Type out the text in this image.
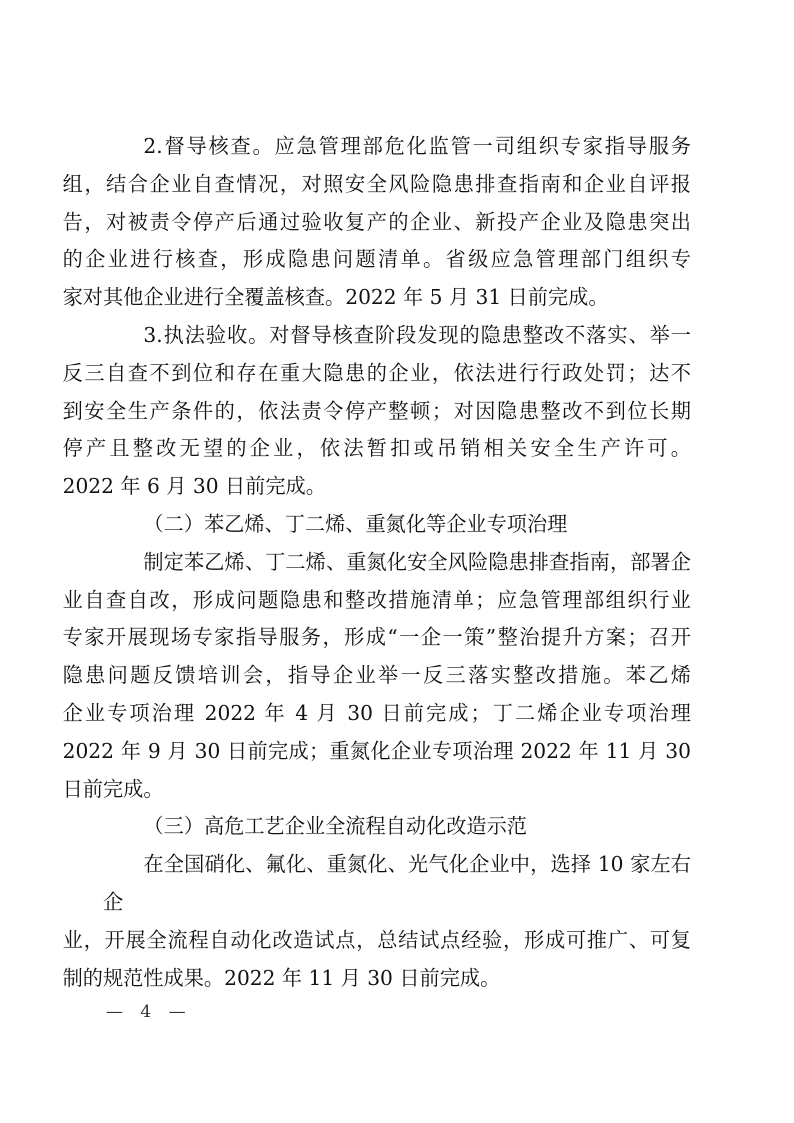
2.督导核查。应急管理部危化监管一司组织专家指导服务
组，结合企业自查情况，对照安全风险隐患排查指南和企业自评报
告，对被责令停产后通过验收复产的企业、新投产企业及隐患突出
的企业进行核查，形成隐患问题清单。省级应急管理部门组织专
家对其他企业进行全覆盖核查。2022 年 5 月 31 日前完成。

3.执法验收。对督导核查阶段发现的隐患整改不落实、举一
反三自查不到位和存在重大隐患的企业，依法进行行政处罚；达不
到安全生产条件的，依法责令停产整顿；对因隐患整改不到位长期
停产且整改无望的企业，依法暂扣或吊销相关安全生产许可。
2022 年 6 月 30 日前完成。

（二）苯乙烯、丁二烯、重氮化等企业专项治理

制定苯乙烯、丁二烯、重氮化安全风险隐患排查指南，部署企
业自查自改，形成问题隐患和整改措施清单；应急管理部组织行业
专家开展现场专家指导服务，形成“一企一策”整治提升方案；召开
隐患问题反馈培训会，指导企业举一反三落实整改措施。苯乙烯
企业专项治理 2022 年 4 月 30 日前完成；丁二烯企业专项治理
2022 年 9 月 30 日前完成；重氮化企业专项治理 2022 年 11 月 30
日前完成。

（三）高危工艺企业全流程自动化改造示范

在全国硝化、氟化、重氮化、光气化企业中，选择 10 家左右企
业，开展全流程自动化改造试点，总结试点经验，形成可推广、可复
制的规范性成果。2022 年 11 月 30 日前完成。

— 4 —
